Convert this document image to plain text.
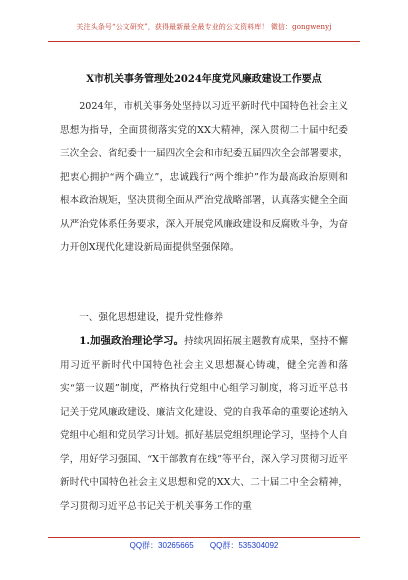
关注头条号“公文研究”，获得最新最全最专业的公文资料库！ 微信：gongwenyj
X市机关事务管理处2024年度党风廉政建设工作要点
2024年，市机关事务处坚持以习近平新时代中国特色社会主义思想为指导，全面贯彻落实党的XX大精神，深入贯彻二十届中纪委三次全会、省纪委十一届四次全会和市纪委五届四次全会部署要求，把衷心拥护“两个确立”，忠诚践行“两个维护”作为最高政治原则和根本政治规矩，坚决贯彻全面从严治党战略部署，认真落实健全全面从严治党体系任务要求，深入开展党风廉政建设和反腐败斗争，为奋力开创X现代化建设新局面提供坚强保障。
一、强化思想建设，提升党性修养
1.加强政治理论学习。持续巩固拓展主题教育成果，坚持不懈用习近平新时代中国特色社会主义思想凝心铸魂，健全完善和落实“第一议题”制度，严格执行党组中心组学习制度，将习近平总书记关于党风廉政建设、廉洁文化建设、党的自我革命的重要论述纳入党组中心组和党员学习计划。抓好基层党组织理论学习，坚持个人自学，用好学习强国、“X干部教育在线”等平台，深入学习贯彻习近平新时代中国特色社会主义思想和党的XX大、二十届二中全会精神，学习贯彻习近平总书记关于机关事务工作的重
QQ群：30265665 QQ群：535304092
